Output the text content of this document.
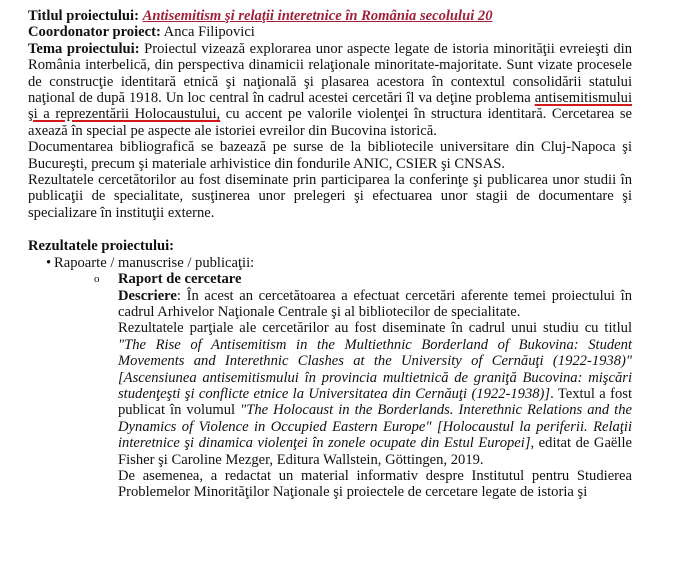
Titlul proiectului: Antisemitism şi relaţii interetnice în România secolului 20

Coordonator proiect: Anca Filipovici

Tema proiectului: Proiectul vizează explorarea unor aspecte legate de istoria minorităţii evreieşti din România interbelică, din perspectiva dinamicii relaţionale minoritate-majoritate. Sunt vizate procesele de construcţie identitară etnică şi naţională şi plasarea acestora în contextul consolidării statului naţional de după 1918. Un loc central în cadrul acestei cercetări îl va deţine problema antisemitismului şi a reprezentării Holocaustului, cu accent pe valorile violenţei în structura identitară. Cercetarea se axează în special pe aspecte ale istoriei evreilor din Bucovina istorică.

Documentarea bibliografică se bazează pe surse de la bibliotecile universitare din Cluj-Napoca şi Bucureşti, precum şi materiale arhivistice din fondurile ANIC, CSIER şi CNSAS.

Rezultatele cercetătorilor au fost diseminate prin participarea la conferinţe şi publicarea unor studii în publicaţii de specialitate, susţinerea unor prelegeri şi efectuarea unor stagii de documentare şi specializare în instituţii externe.

Rezultatele proiectului:

• Rapoarte / manuscrise / publicaţii:

o Raport de cercetare

Descriere: În acest an cercetătoarea a efectuat cercetări aferente temei proiectului în cadrul Arhivelor Naţionale Centrale şi al bibliotecilor de specialitate.

Rezultatele parţiale ale cercetărilor au fost diseminate în cadrul unui studiu cu titlul "The Rise of Antisemitism in the Multiethnic Borderland of Bukovina: Student Movements and Interethnic Clashes at the University of Cernăuţi (1922-1938)" [Ascensiunea antisemitismului în provincia multietnică de graniţă Bucovina: mişcări studenţeşti şi conflicte etnice la Universitatea din Cernăuţi (1922-1938)]. Textul a fost publicat în volumul "The Holocaust in the Borderlands. Interethnic Relations and the Dynamics of Violence in Occupied Eastern Europe" [Holocaustul la periferii. Relaţii interetnice şi dinamica violenţei în zonele ocupate din Estul Europei], editat de Gaëlle Fisher şi Caroline Mezger, Editura Wallstein, Göttingen, 2019.

De asemenea, a redactat un material informativ despre Institutul pentru Studierea Problemelor Minorităţilor Naţionale şi proiectele de cercetare legate de istoria şi
